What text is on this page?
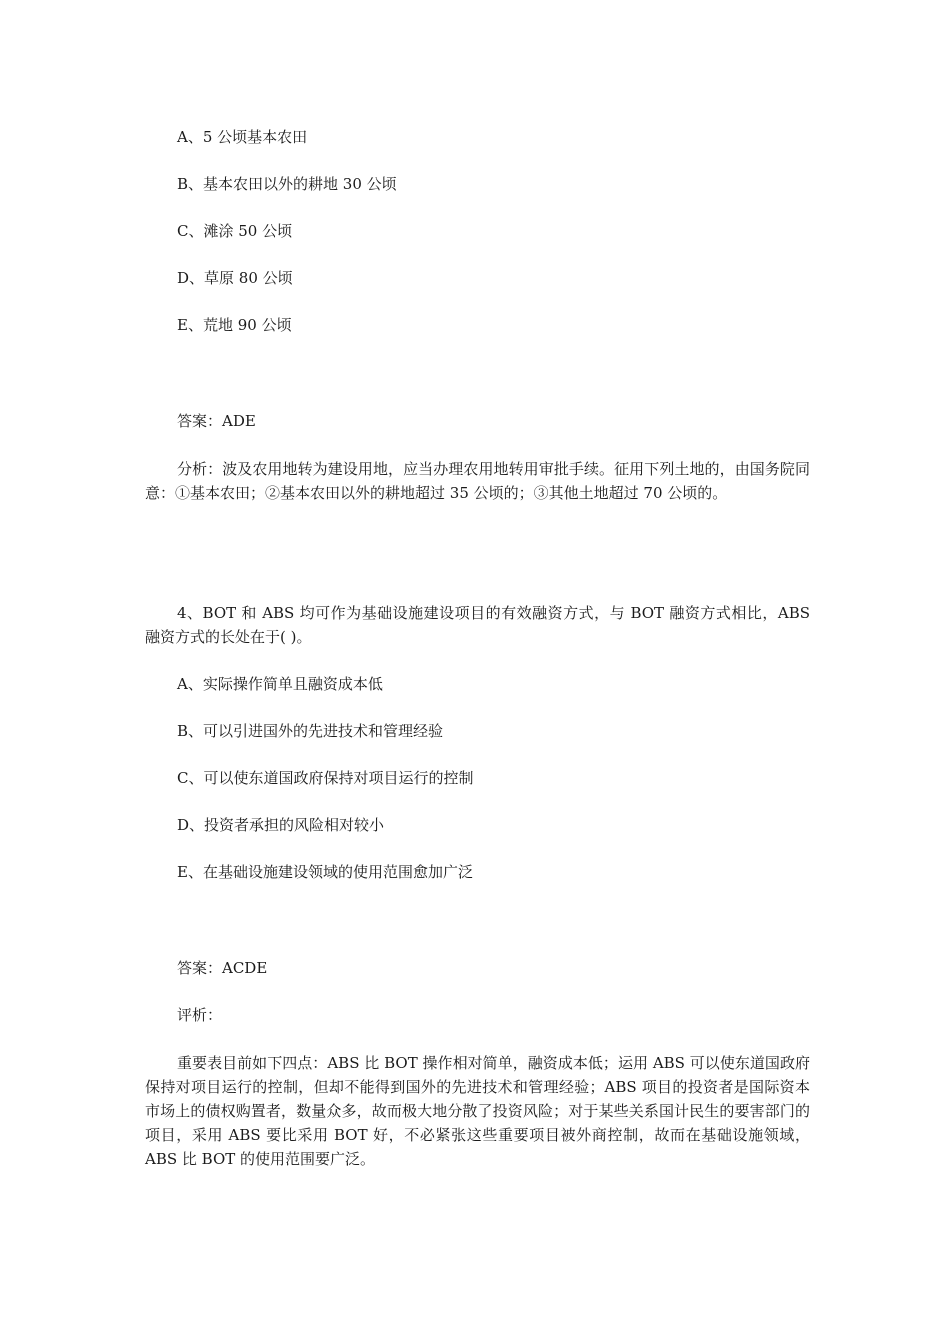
A、5 公顷基本农田
B、基本农田以外的耕地 30 公顷
C、滩涂 50 公顷
D、草原 80 公顷
E、荒地 90 公顷
答案：ADE
分析：波及农用地转为建设用地，应当办理农用地转用审批手续。征用下列土地的，由国务院同意：①基本农田；②基本农田以外的耕地超过 35 公顷的；③其他土地超过 70 公顷的。
4、BOT 和 ABS 均可作为基础设施建设项目的有效融资方式，与 BOT 融资方式相比，ABS 融资方式的长处在于( )。
A、实际操作简单且融资成本低
B、可以引进国外的先进技术和管理经验
C、可以使东道国政府保持对项目运行的控制
D、投资者承担的风险相对较小
E、在基础设施建设领域的使用范围愈加广泛
答案：ACDE
评析：
重要表目前如下四点：ABS 比 BOT 操作相对简单，融资成本低；运用 ABS 可以使东道国政府保持对项目运行的控制，但却不能得到国外的先进技术和管理经验；ABS 项目的投资者是国际资本市场上的债权购置者，数量众多，故而极大地分散了投资风险；对于某些关系国计民生的要害部门的项目，采用 ABS 要比采用 BOT 好，不必紧张这些重要项目被外商控制，故而在基础设施领域，ABS 比 BOT 的使用范围要广泛。
